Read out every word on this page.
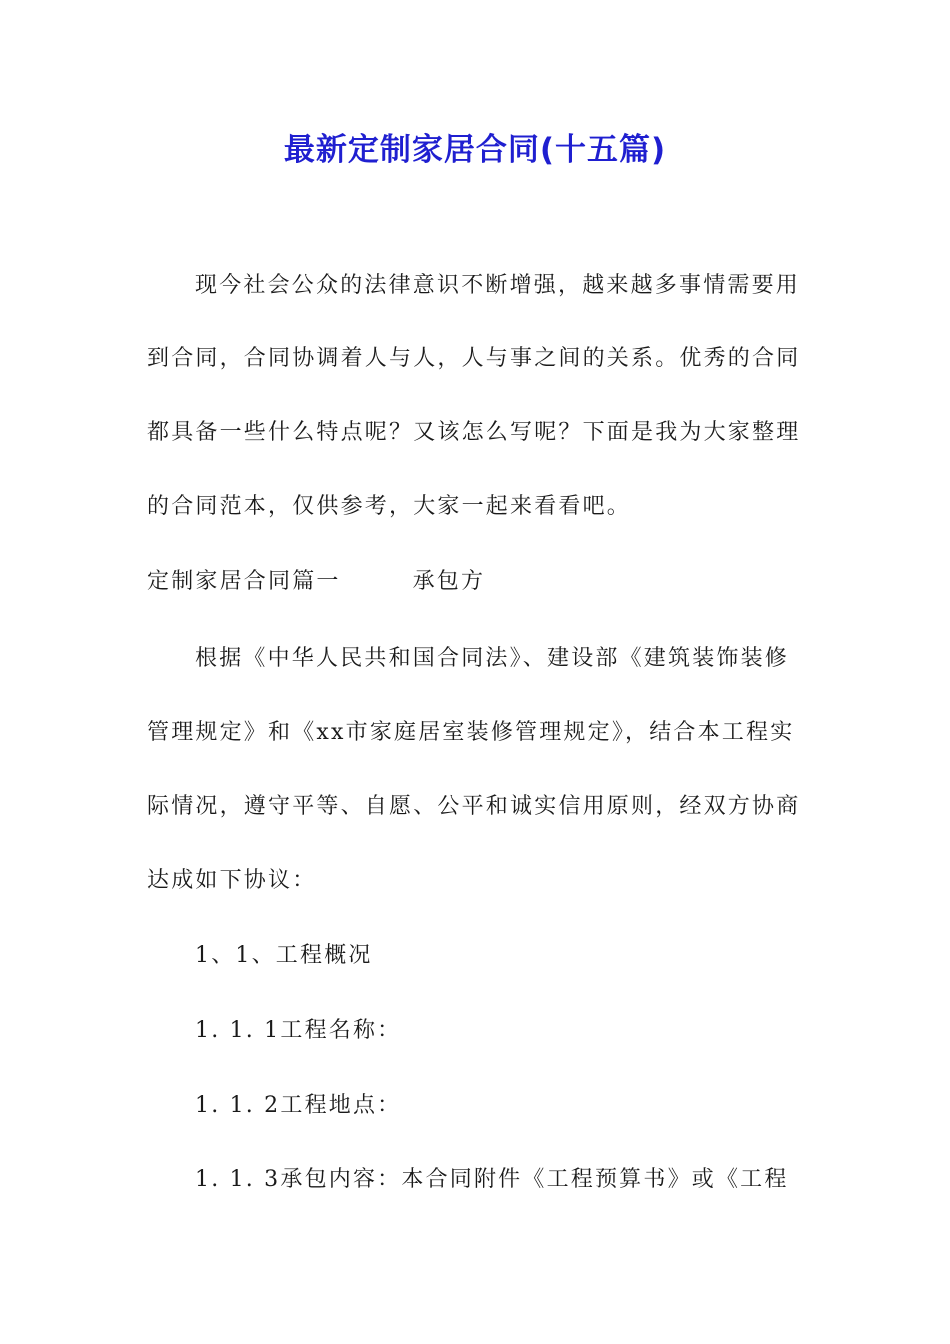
最新定制家居合同(十五篇)
现今社会公众的法律意识不断增强，越来越多事情需要用
到合同，合同协调着人与人，人与事之间的关系。优秀的合同
都具备一些什么特点呢？又该怎么写呢？下面是我为大家整理
的合同范本，仅供参考，大家一起来看看吧。
定制家居合同篇一	承包方
根据《中华人民共和国合同法》、建设部《建筑装饰装修
管理规定》和《xx市家庭居室装修管理规定》，结合本工程实
际情况，遵守平等、自愿、公平和诚实信用原则，经双方协商
达成如下协议：
1、1、工程概况
1. 1. 1工程名称：
1. 1. 2工程地点：
1. 1. 3承包内容：本合同附件《工程预算书》或《工程
